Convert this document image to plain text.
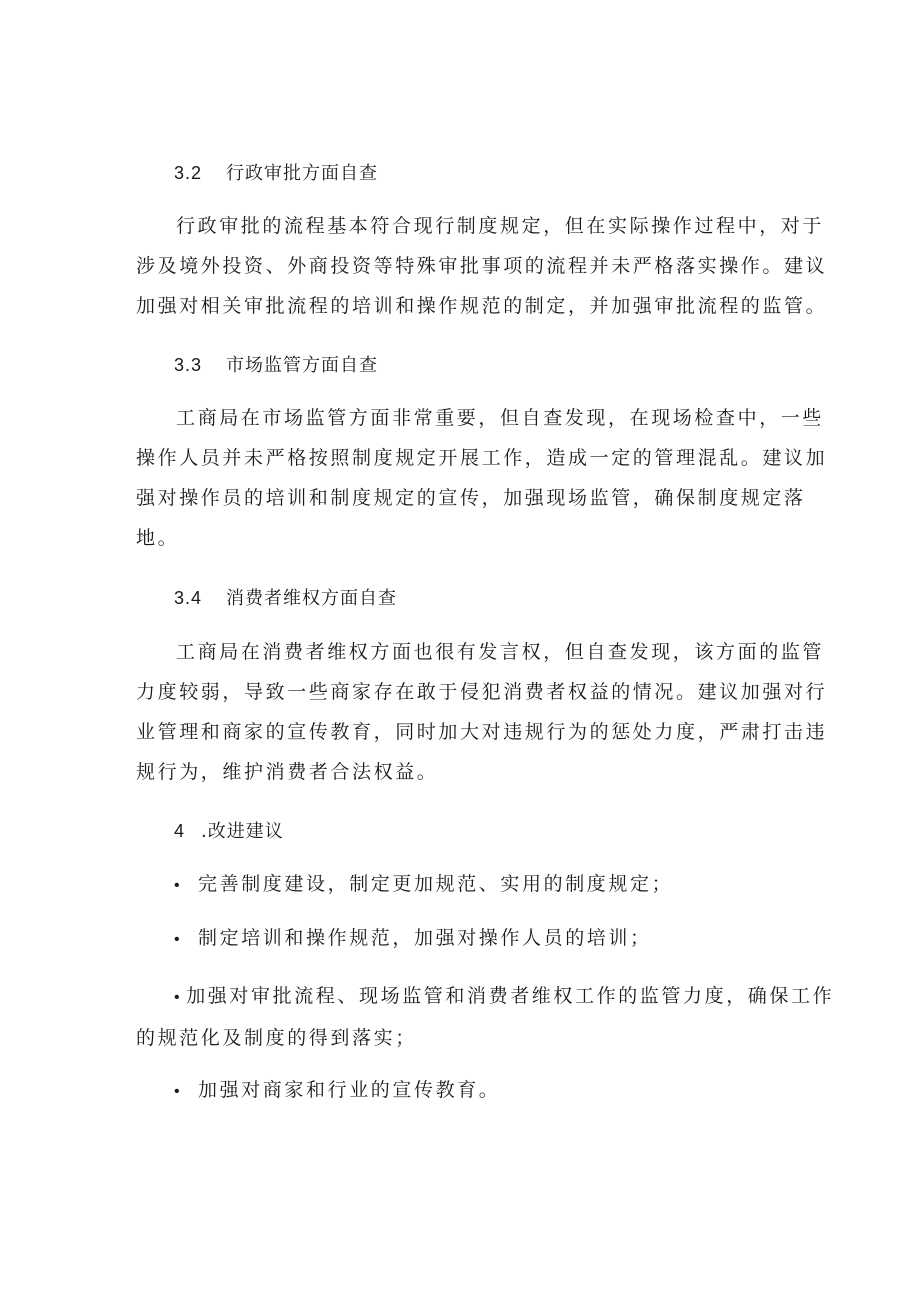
3.2 行政审批方面自查
行政审批的流程基本符合现行制度规定，但在实际操作过程中，对于
涉及境外投资、外商投资等特殊审批事项的流程并未严格落实操作。建议
加强对相关审批流程的培训和操作规范的制定，并加强审批流程的监管。
3.3 市场监管方面自查
工商局在市场监管方面非常重要，但自查发现，在现场检查中，一些
操作人员并未严格按照制度规定开展工作，造成一定的管理混乱。建议加
强对操作员的培训和制度规定的宣传，加强现场监管，确保制度规定落
地。
3.4 消费者维权方面自查
工商局在消费者维权方面也很有发言权，但自查发现，该方面的监管
力度较弱，导致一些商家存在敢于侵犯消费者权益的情况。建议加强对行
业管理和商家的宣传教育，同时加大对违规行为的惩处力度，严肃打击违
规行为，维护消费者合法权益。
4 .改进建议
• 完善制度建设，制定更加规范、实用的制度规定；
• 制定培训和操作规范，加强对操作人员的培训；
• 加强对审批流程、现场监管和消费者维权工作的监管力度，确保工作
的规范化及制度的得到落实；
• 加强对商家和行业的宣传教育。
